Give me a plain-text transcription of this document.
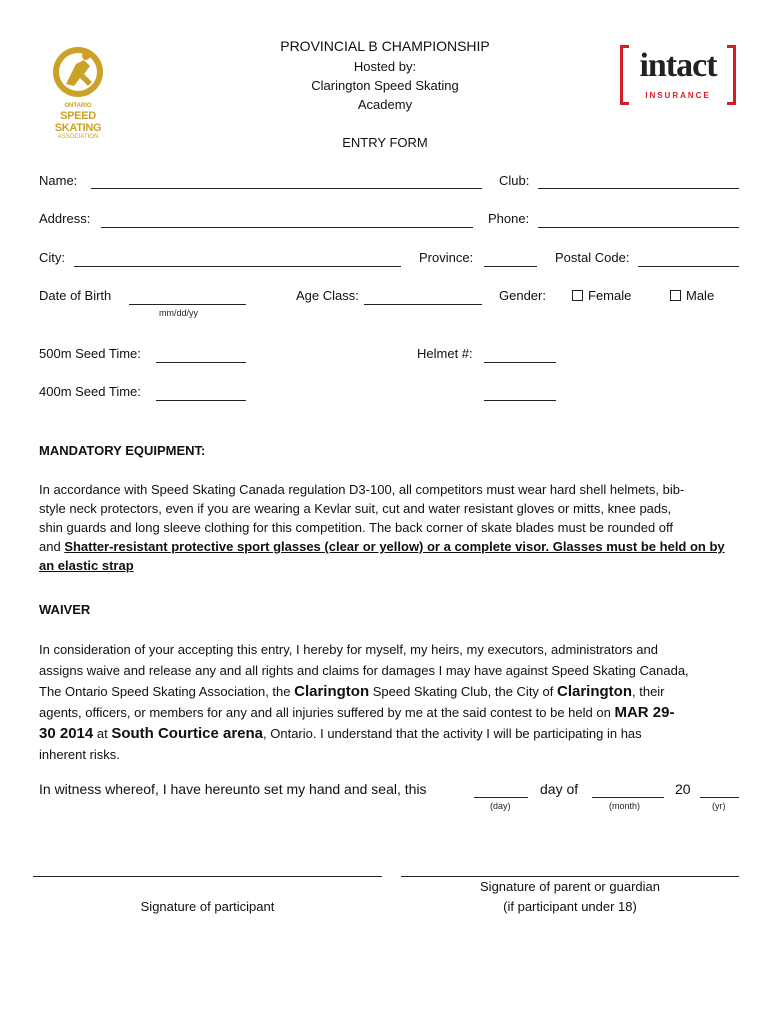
ONTARIO
SPEED SKATING
ASSOCIATION
intact
INSURANCE
PROVINCIAL B CHAMPIONSHIP
Hosted by:
Clarington Speed Skating
Academy
ENTRY FORM
Name:	Club:
Address:	Phone:
City:	Province:	Postal Code:
Date of Birth
mm/dd/yy
Age Class:	Gender:	Female	Male
500m Seed Time:	Helmet #:
400m Seed Time:
MANDATORY EQUIPMENT:
In accordance with Speed Skating Canada regulation D3-100, all competitors must wear hard shell helmets, bib-
style neck protectors, even if you are wearing a Kevlar suit, cut and water resistant gloves or mitts, knee pads,
shin guards and long sleeve clothing for this competition. The back corner of skate blades must be rounded off
and Shatter-resistant protective sport glasses (clear or yellow) or a complete visor. Glasses must be held on by
an elastic strap
WAIVER
In consideration of your accepting this entry, I hereby for myself, my heirs, my executors, administrators and
assigns waive and release any and all rights and claims for damages I may have against Speed Skating Canada,
The Ontario Speed Skating Association, the Clarington Speed Skating Club, the City of Clarington, their
agents, officers, or members for any and all injuries suffered by me at the said contest to be held on MAR 29-
30 2014 at South Courtice arena, Ontario. I understand that the activity I will be participating in has
inherent risks.
In witness whereof, I have hereunto set my hand and seal, this	day of	20
(day)	(month)	(yr)
Signature of participant
Signature of parent or guardian
(if participant under 18)
